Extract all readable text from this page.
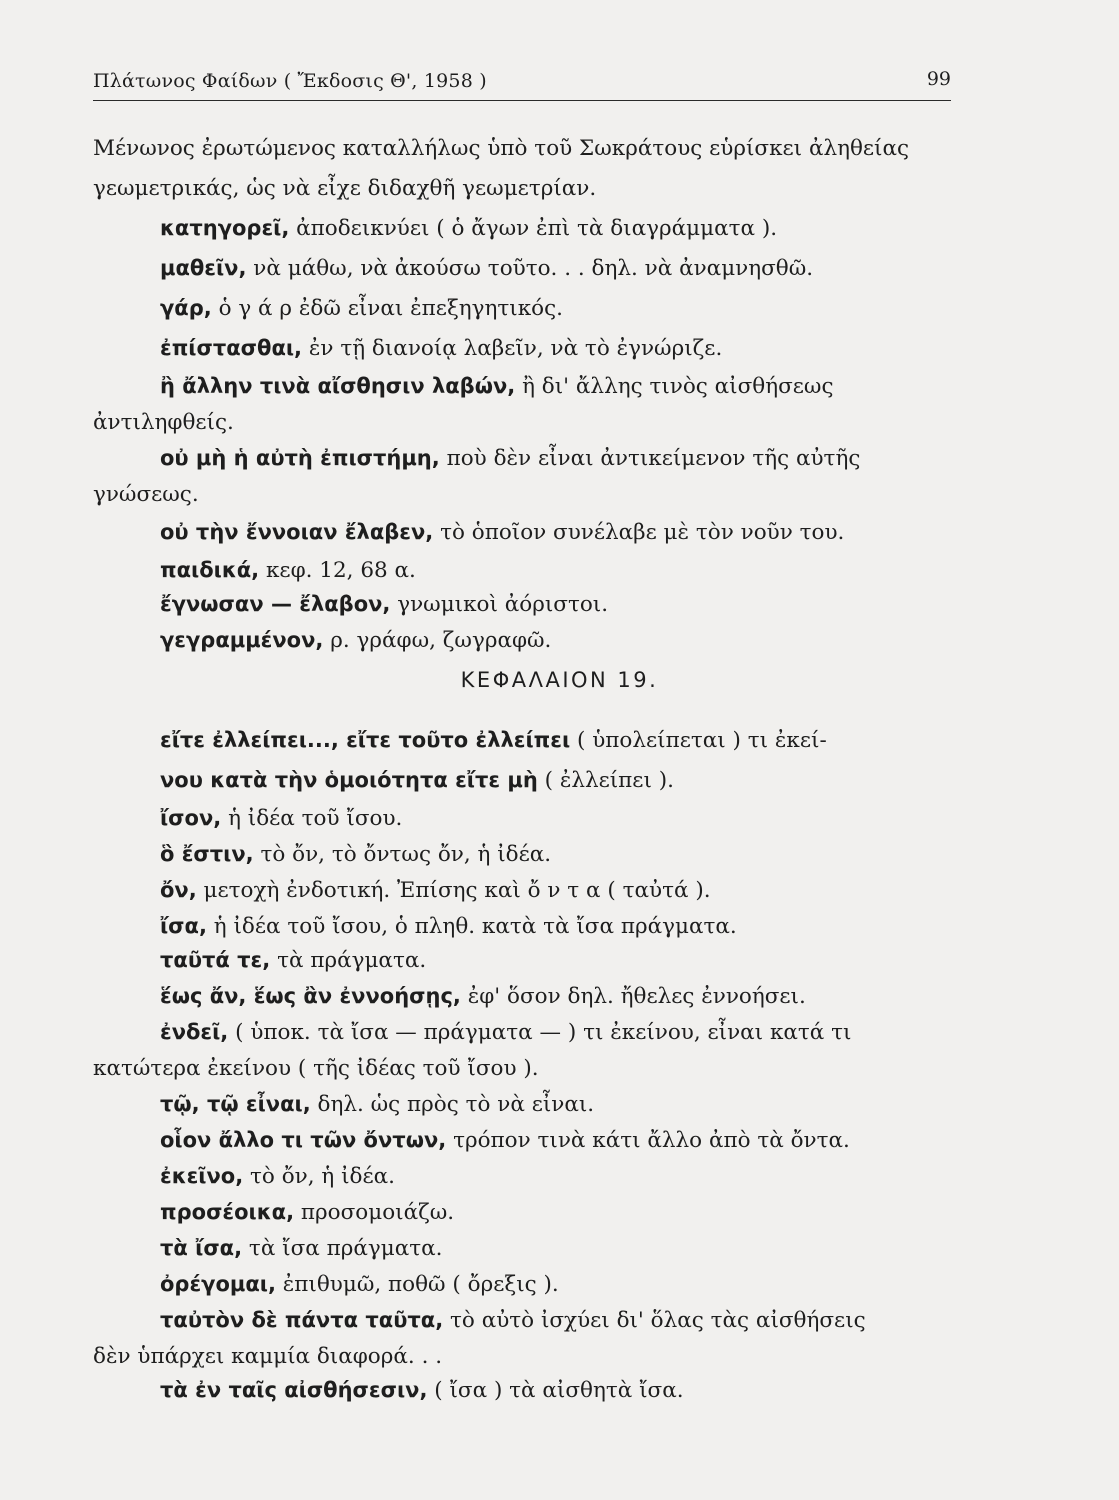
Πλάτωνος Φαίδων ( Ἔκδοσις Θ', 1958 )	99
ΚΕΦΑΛΑΙΟΝ 19.
Μένωνος ἐρωτώμενος καταλλήλως ὑπὸ τοῦ Σωκράτους εὑρίσκει ἀληθείας
γεωμετρικάς, ὡς νὰ εἶχε διδαχθῆ γεωμετρίαν.
κατηγορεῖ, ἀποδεικνύει ( ὁ ἄγων ἐπὶ τὰ διαγράμματα ).
μαθεῖν, νὰ μάθω, νὰ ἀκούσω τοῦτο. . . δηλ. νὰ ἀναμνησθῶ.
γάρ, ὁ γ ά ρ ἐδῶ εἶναι ἐπεξηγητικός.
ἐπίστασθαι, ἐν τῇ διανοίᾳ λαβεῖν, νὰ τὸ ἐγνώριζε.
ἢ ἄλλην τινὰ αἴσθησιν λαβών, ἢ δι' ἄλλης τινὸς αἰσθήσεως
ἀντιληφθείς.
οὐ μὴ ἡ αὐτὴ ἐπιστήμη, ποὺ δὲν εἶναι ἀντικείμενον τῆς αὐτῆς
γνώσεως.
οὐ τὴν ἔννοιαν ἔλαβεν, τὸ ὁποῖον συνέλαβε μὲ τὸν νοῦν του.
παιδικά, κεφ. 12, 68 α.
ἔγνωσαν — ἔλαβον, γνωμικοὶ ἀόριστοι.
γεγραμμένον, ρ. γράφω, ζωγραφῶ.
εἴτε ἐλλείπει..., εἴτε τοῦτο ἐλλείπει ( ὑπολείπεται ) τι ἐκεί-
νου κατὰ τὴν ὁμοιότητα εἴτε μὴ ( ἐλλείπει ).
ἴσον, ἡ ἰδέα τοῦ ἴσου.
ὃ ἔστιν, τὸ ὄν, τὸ ὄντως ὄν, ἡ ἰδέα.
ὄν, μετοχὴ ἐνδοτική. Ἐπίσης καὶ ὄ ν τ α ( ταὐτά ).
ἴσα, ἡ ἰδέα τοῦ ἴσου, ὁ πληθ. κατὰ τὰ ἴσα πράγματα.
ταῦτά τε, τὰ πράγματα.
ἕως ἄν, ἕως ἂν ἐννοήσῃς, ἐφ' ὅσον δηλ. ἤθελες ἐννοήσει.
ἐνδεῖ, ( ὑποκ. τὰ ἴσα — πράγματα — ) τι ἐκείνου, εἶναι κατά τι
κατώτερα ἐκείνου ( τῆς ἰδέας τοῦ ἴσου ).
τῷ, τῷ εἶναι, δηλ. ὡς πρὸς τὸ νὰ εἶναι.
οἷον ἄλλο τι τῶν ὄντων, τρόπον τινὰ κάτι ἄλλο ἀπὸ τὰ ὄντα.
ἐκεῖνο, τὸ ὄν, ἡ ἰδέα.
προσέοικα, προσομοιάζω.
τὰ ἴσα, τὰ ἴσα πράγματα.
ὀρέγομαι, ἐπιθυμῶ, ποθῶ ( ὄρεξις ).
ταὐτὸν δὲ πάντα ταῦτα, τὸ αὐτὸ ἰσχύει δι' ὅλας τὰς αἰσθήσεις
δὲν ὑπάρχει καμμία διαφορά. . .
τὰ ἐν ταῖς αἰσθήσεσιν, ( ἴσα ) τὰ αἰσθητὰ ἴσα.
